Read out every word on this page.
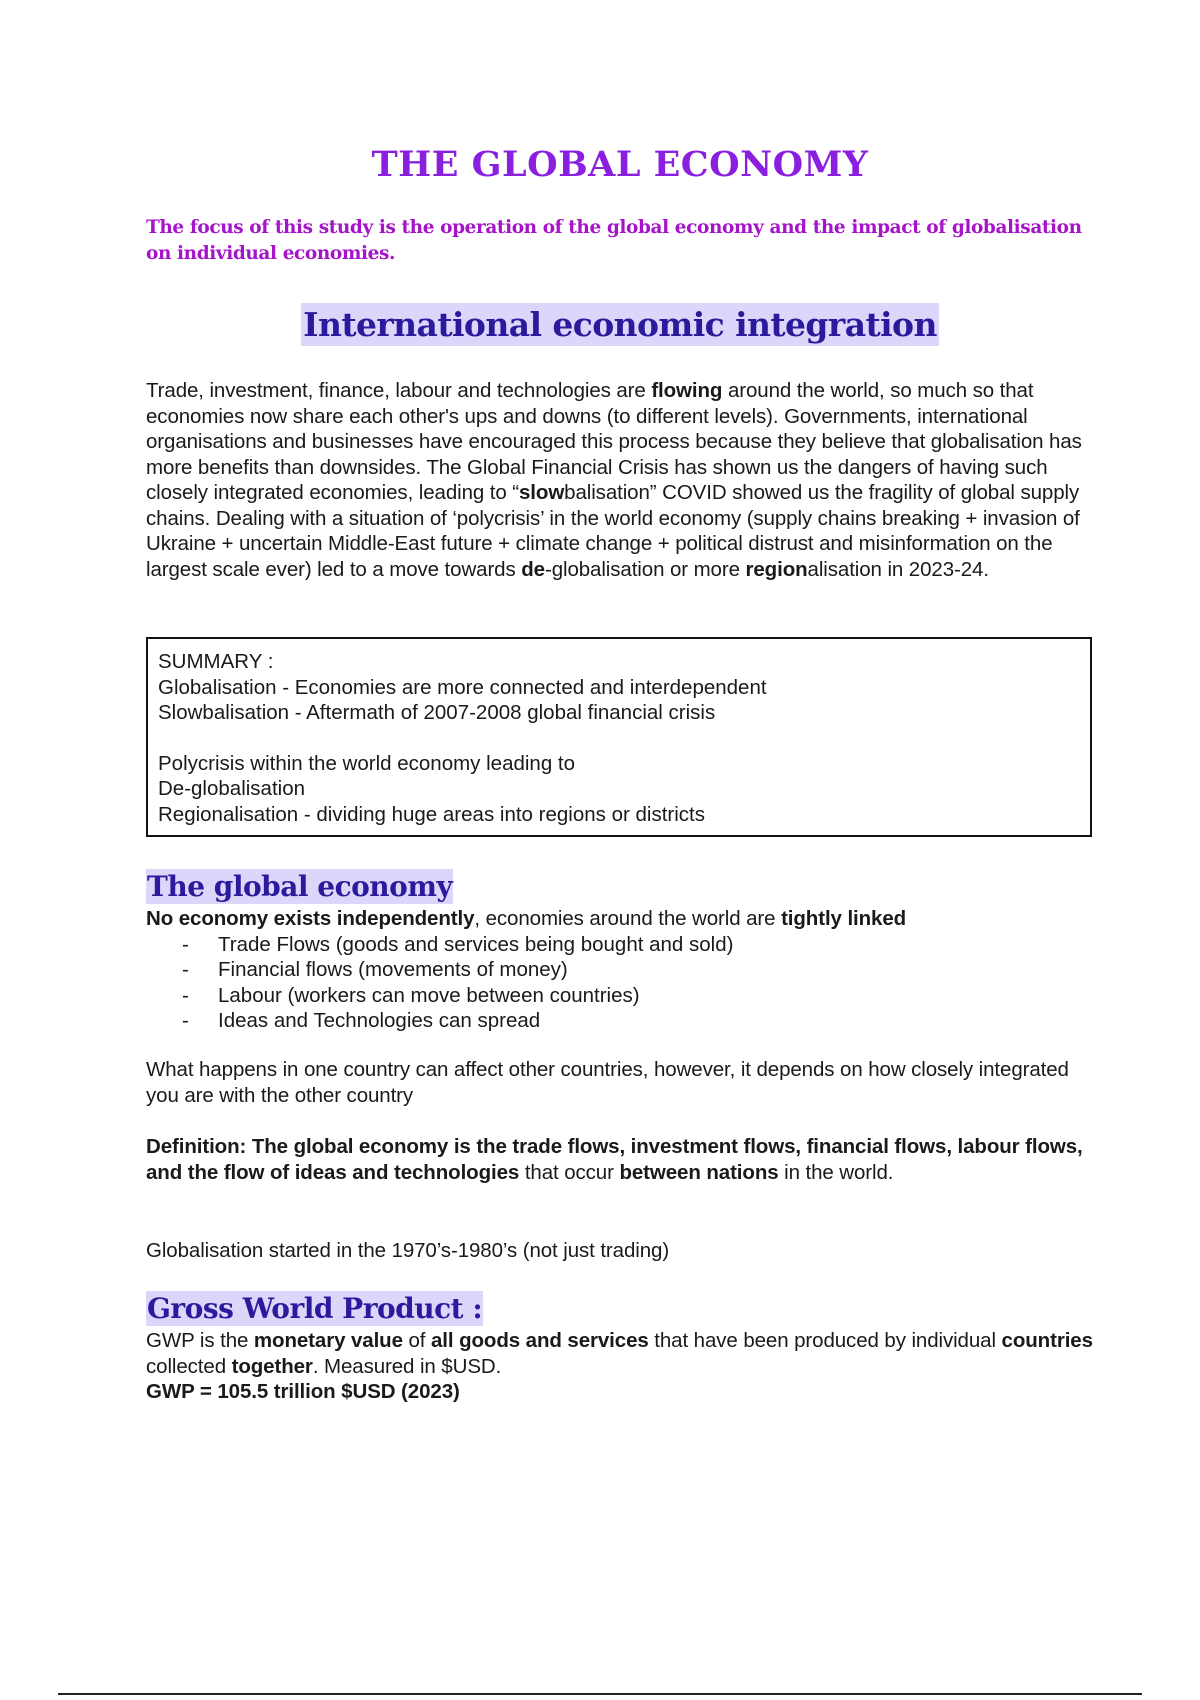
THE GLOBAL ECONOMY

The focus of this study is the operation of the global economy and the impact of globalisation on individual economies.

International economic integration

Trade, investment, finance, labour and technologies are flowing around the world, so much so that economies now share each other's ups and downs (to different levels). Governments, international organisations and businesses have encouraged this process because they believe that globalisation has more benefits than downsides. The Global Financial Crisis has shown us the dangers of having such closely integrated economies, leading to “slowbalisation” COVID showed us the fragility of global supply chains. Dealing with a situation of ‘polycrisis’ in the world economy (supply chains breaking + invasion of Ukraine + uncertain Middle-East future + climate change + political distrust and misinformation on the largest scale ever) led to a move towards de-globalisation or more regionalisation in 2023-24.

SUMMARY :
Globalisation - Economies are more connected and interdependent
Slowbalisation - Aftermath of 2007-2008 global financial crisis
Polycrisis within the world economy leading to
De-globalisation
Regionalisation - dividing huge areas into regions or districts
The global economy

No economy exists independently, economies around the world are tightly linked

- Trade Flows (goods and services being bought and sold)
- Financial flows (movements of money)
- Labour (workers can move between countries)
- Ideas and Technologies can spread

What happens in one country can affect other countries, however, it depends on how closely integrated you are with the other country

Definition: The global economy is the trade flows, investment flows, financial flows, labour flows, and the flow of ideas and technologies that occur between nations in the world.

Globalisation started in the 1970’s-1980’s (not just trading)

Gross World Product :

GWP is the monetary value of all goods and services that have been produced by individual countries collected together. Measured in $USD.
GWP = 105.5 trillion $USD (2023)
